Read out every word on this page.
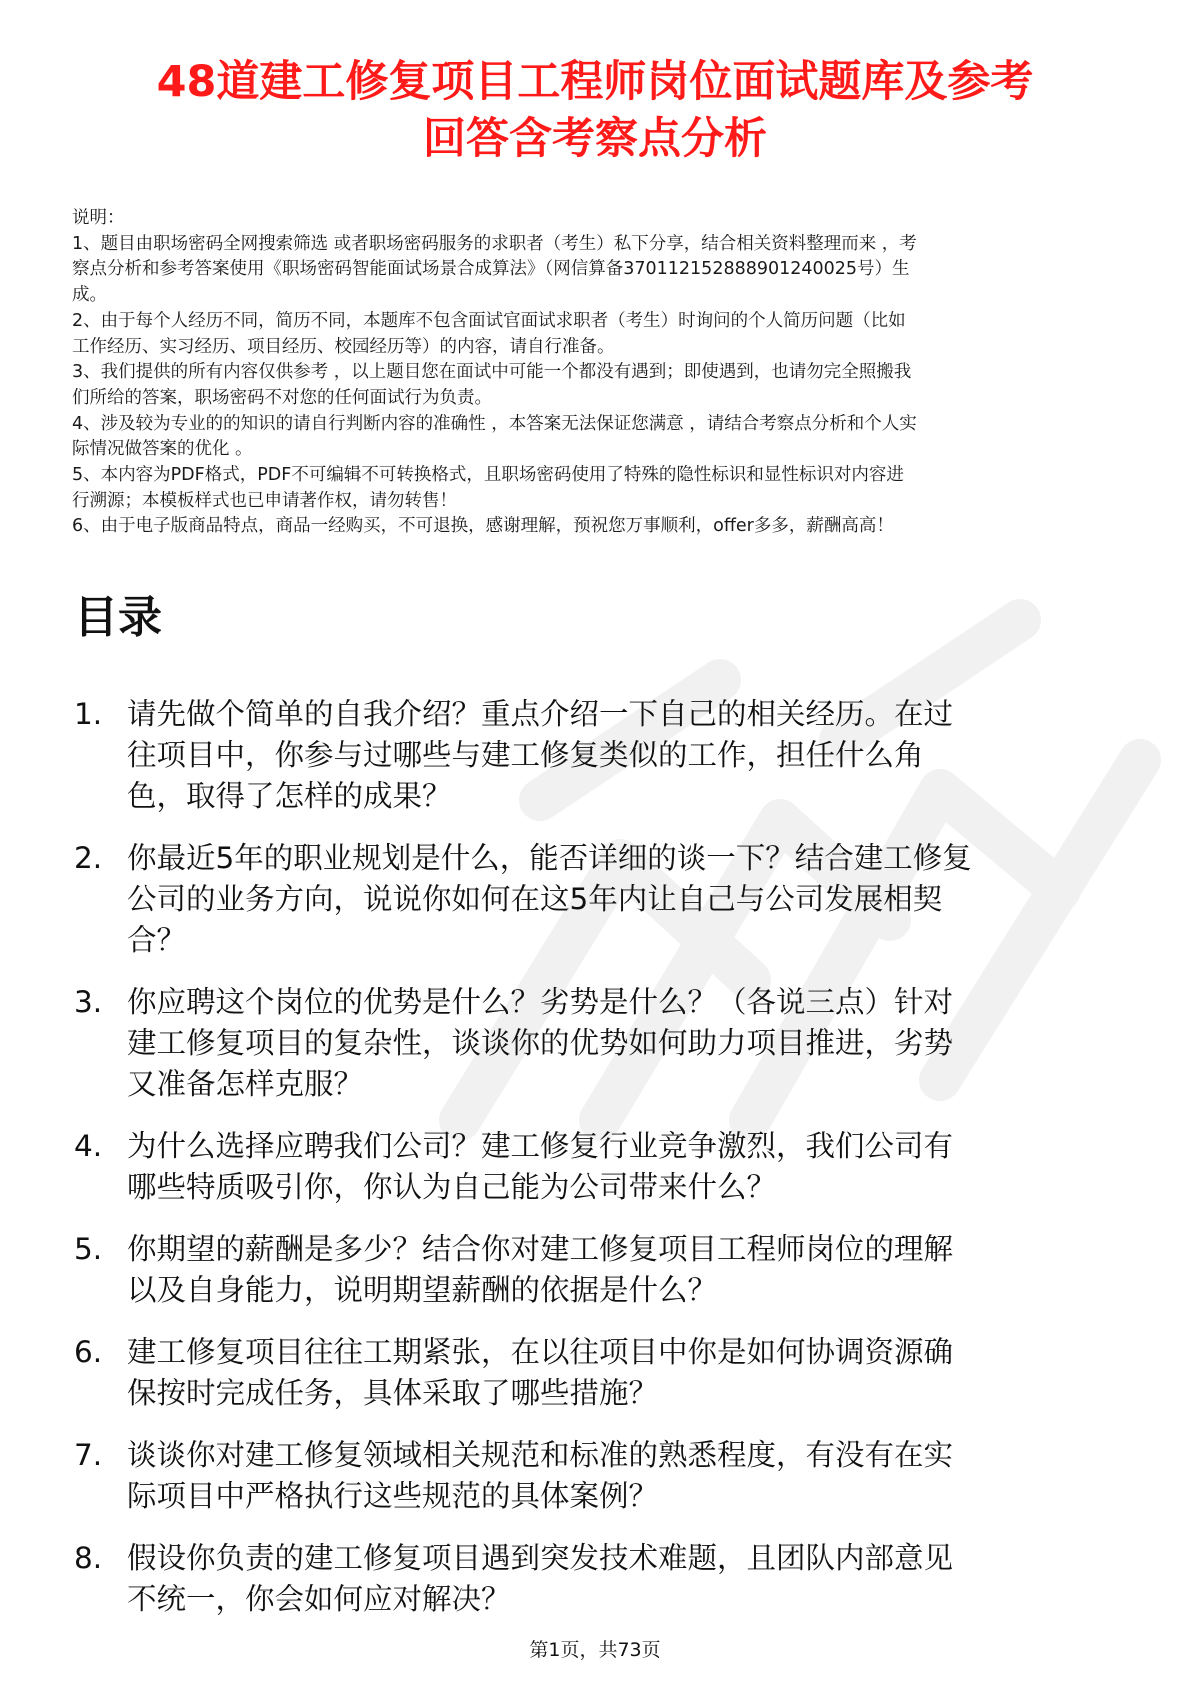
48道建工修复项目工程师岗位面试题库及参考
回答含考察点分析
说明：
1、题目由职场密码全网搜索筛选 或者职场密码服务的求职者（考生）私下分享，结合相关资料整理而来 ，考
察点分析和参考答案使用《职场密码智能面试场景合成算法》（网信算备370112152888901240025号）生
成。
2、由于每个人经历不同，简历不同，本题库不包含面试官面试求职者（考生）时询问的个人简历问题（比如
工作经历、实习经历、项目经历、校园经历等）的内容，请自行准备。
3、我们提供的所有内容仅供参考 ，以上题目您在面试中可能一个都没有遇到；即使遇到，也请勿完全照搬我
们所给的答案，职场密码不对您的任何面试行为负责。
4、涉及较为专业的的知识的请自行判断内容的准确性 ，本答案无法保证您满意 ，请结合考察点分析和个人实
际情况做答案的优化 。
5、本内容为PDF格式，PDF不可编辑不可转换格式，且职场密码使用了特殊的隐性标识和显性标识对内容进
行溯源；本模板样式也已申请著作权，请勿转售！
6、由于电子版商品特点，商品一经购买，不可退换，感谢理解，预祝您万事顺利，offer多多，薪酬高高！
目录
1. 请先做个简单的自我介绍？重点介绍一下自己的相关经历。在过
往项目中，你参与过哪些与建工修复类似的工作，担任什么角
色，取得了怎样的成果？
2. 你最近5年的职业规划是什么，能否详细的谈一下？结合建工修复
公司的业务方向，说说你如何在这5年内让自己与公司发展相契
合？
3. 你应聘这个岗位的优势是什么？劣势是什么？（各说三点）针对
建工修复项目的复杂性，谈谈你的优势如何助力项目推进，劣势
又准备怎样克服？
4. 为什么选择应聘我们公司？建工修复行业竞争激烈，我们公司有
哪些特质吸引你，你认为自己能为公司带来什么？
5. 你期望的薪酬是多少？结合你对建工修复项目工程师岗位的理解
以及自身能力，说明期望薪酬的依据是什么？
6. 建工修复项目往往工期紧张，在以往项目中你是如何协调资源确
保按时完成任务，具体采取了哪些措施？
7. 谈谈你对建工修复领域相关规范和标准的熟悉程度，有没有在实
际项目中严格执行这些规范的具体案例？
8. 假设你负责的建工修复项目遇到突发技术难题，且团队内部意见
不统一，你会如何应对解决？
第1页，共73页
